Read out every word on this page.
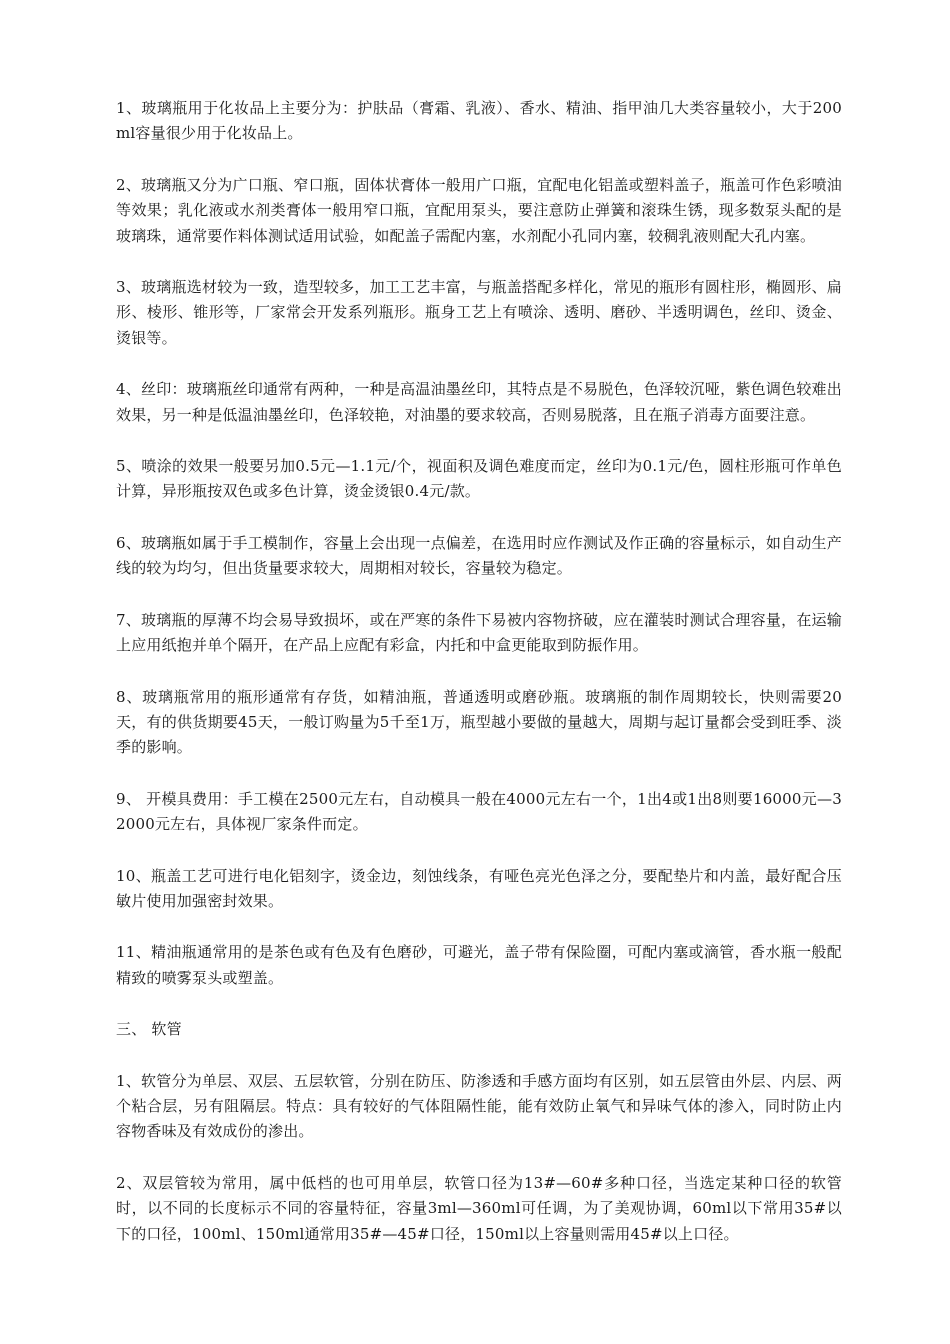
1、玻璃瓶用于化妆品上主要分为：护肤品（膏霜、乳液）、香水、精油、指甲油几大类容量较小，大于200ml容量很少用于化妆品上。

2、玻璃瓶又分为广口瓶、窄口瓶，固体状膏体一般用广口瓶，宜配电化铝盖或塑料盖子，瓶盖可作色彩喷油等效果；乳化液或水剂类膏体一般用窄口瓶，宜配用泵头，要注意防止弹簧和滚珠生锈，现多数泵头配的是玻璃珠，通常要作料体测试适用试验，如配盖子需配内塞，水剂配小孔同内塞，较稠乳液则配大孔内塞。

3、玻璃瓶选材较为一致，造型较多，加工工艺丰富，与瓶盖搭配多样化，常见的瓶形有圆柱形，椭圆形、扁形、棱形、锥形等，厂家常会开发系列瓶形。瓶身工艺上有喷涂、透明、磨砂、半透明调色，丝印、烫金、烫银等。

4、丝印：玻璃瓶丝印通常有两种，一种是高温油墨丝印，其特点是不易脱色，色泽较沉哑，紫色调色较难出效果，另一种是低温油墨丝印，色泽较艳，对油墨的要求较高，否则易脱落，且在瓶子消毒方面要注意。

5、喷涂的效果一般要另加0.5元—1.1元/个，视面积及调色难度而定，丝印为0.1元/色，圆柱形瓶可作单色计算，异形瓶按双色或多色计算，烫金烫银0.4元/款。

6、玻璃瓶如属于手工模制作，容量上会出现一点偏差，在选用时应作测试及作正确的容量标示，如自动生产线的较为均匀，但出货量要求较大，周期相对较长，容量较为稳定。

7、玻璃瓶的厚薄不均会易导致损坏，或在严寒的条件下易被内容物挤破，应在灌装时测试合理容量，在运输上应用纸抱并单个隔开，在产品上应配有彩盒，内托和中盒更能取到防振作用。

8、玻璃瓶常用的瓶形通常有存货，如精油瓶，普通透明或磨砂瓶。玻璃瓶的制作周期较长，快则需要20天，有的供货期要45天，一般订购量为5千至1万，瓶型越小要做的量越大，周期与起订量都会受到旺季、淡季的影响。

9、 开模具费用：手工模在2500元左右，自动模具一般在4000元左右一个，1出4或1出8则要16000元—32000元左右，具体视厂家条件而定。

10、瓶盖工艺可进行电化铝刻字，烫金边，刻蚀线条，有哑色亮光色泽之分，要配垫片和内盖，最好配合压敏片使用加强密封效果。

11、精油瓶通常用的是茶色或有色及有色磨砂，可避光，盖子带有保险圈，可配内塞或滴管，香水瓶一般配精致的喷雾泵头或塑盖。

三、 软管

1、软管分为单层、双层、五层软管，分别在防压、防渗透和手感方面均有区别，如五层管由外层、内层、两个粘合层，另有阻隔层。特点：具有较好的气体阻隔性能，能有效防止氧气和异味气体的渗入，同时防止内容物香味及有效成份的渗出。

2、双层管较为常用，属中低档的也可用单层，软管口径为13#—60#多种口径，当选定某种口径的软管时，以不同的长度标示不同的容量特征，容量3ml—360ml可任调，为了美观协调，60ml以下常用35#以下的口径，100ml、150ml通常用35#—45#口径，150ml以上容量则需用45#以上口径。
